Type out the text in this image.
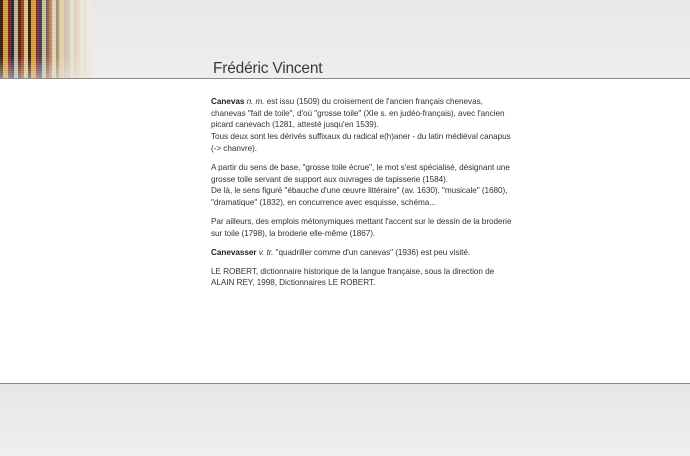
Frédéric Vincent

Canevas n. m. est issu (1509) du croisement de l'ancien français chenevas, chanevas "fait de toile", d'où "grosse toile" (XIe s. en judéo-français), avec l'ancien picard canevach (1281, attesté jusqu'en 1539).

Tous deux sont les dérivés suffixaux du radical e(h)aner - du latin médiéval canapus (-> chanvre).

A partir du sens de base, "grosse toile écrue", le mot s'est spécialisé, désignant une grosse toile servant de support aux ouvrages de tapisserie (1584).

De là, le sens figuré "ébauche d'une œuvre littéraire" (av. 1630), "musicale" (1680), "dramatique" (1832), en concurrence avec esquisse, schéma...

Par ailleurs, des emplois métonymiques mettant l'accent sur le dessin de la broderie sur toile (1798), la broderie elle-même (1867).

Canevasser v. tr. "quadriller comme d'un canevas" (1936) est peu visité.

LE ROBERT, dictionnaire historique de la langue française, sous la direction de ALAIN REY, 1998, Dictionnaires LE ROBERT.
